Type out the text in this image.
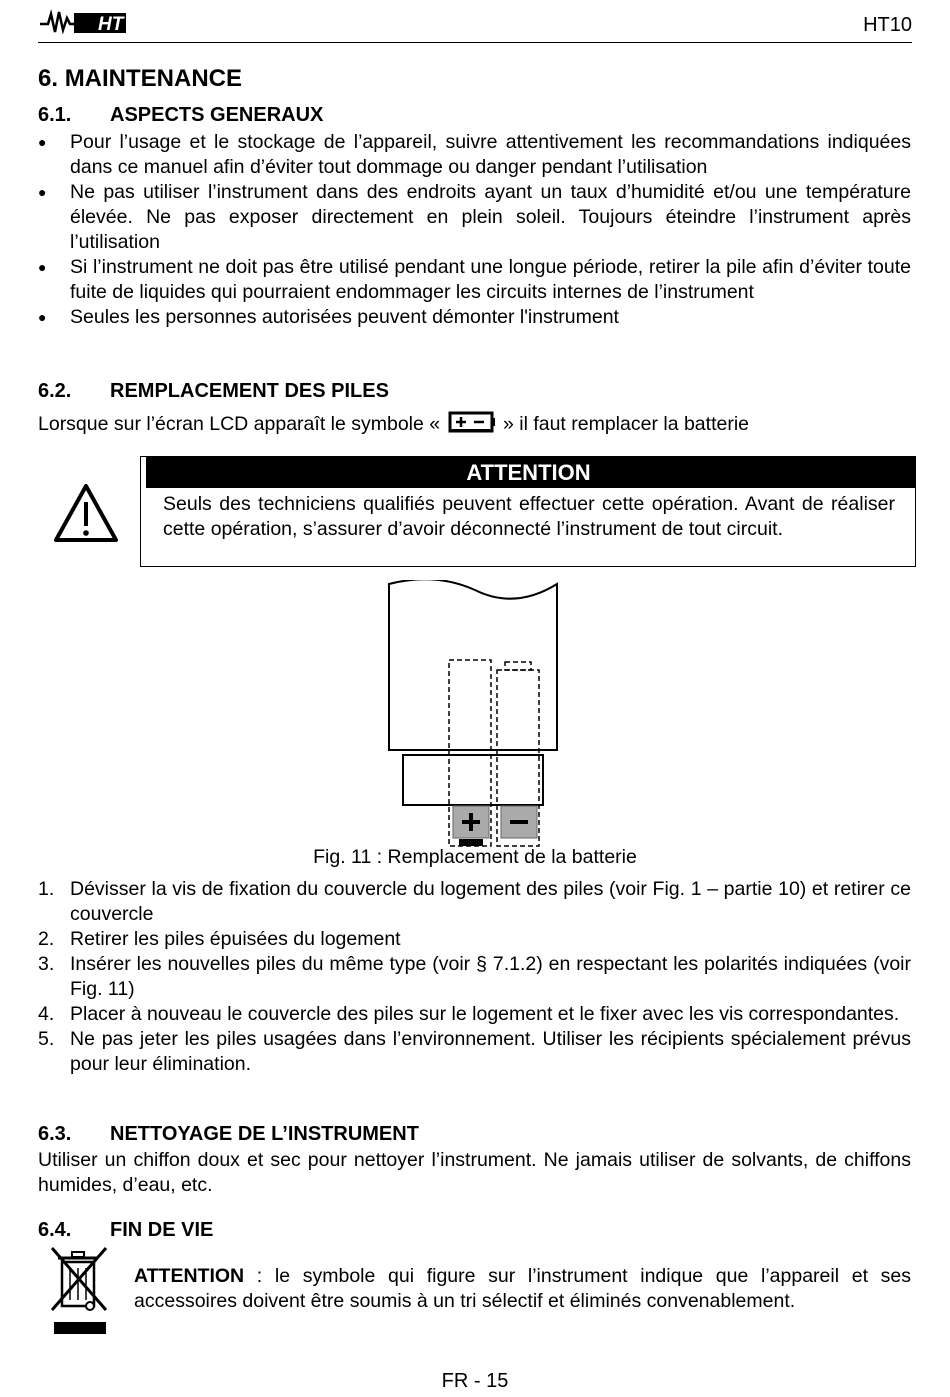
HT	HT10
6. MAINTENANCE
6.1. ASPECTS GENERAUX
● Pour l’usage et le stockage de l’appareil, suivre attentivement les recommandations indiquées dans ce manuel afin d’éviter tout dommage ou danger pendant l’utilisation
● Ne pas utiliser l’instrument dans des endroits ayant un taux d’humidité et/ou une température élevée. Ne pas exposer directement en plein soleil. Toujours éteindre l’instrument après l’utilisation
● Si l’instrument ne doit pas être utilisé pendant une longue période, retirer la pile afin d’éviter toute fuite de liquides qui pourraient endommager les circuits internes de l’instrument
● Seules les personnes autorisées peuvent démonter l'instrument
6.2. REMPLACEMENT DES PILES
Lorsque sur l’écran LCD apparaît le symbole «	» il faut remplacer la batterie
ATTENTION
Seuls des techniciens qualifiés peuvent effectuer cette opération. Avant de réaliser cette opération, s’assurer d’avoir déconnecté l’instrument de tout circuit.
Fig. 11 : Remplacement de la batterie
1. Dévisser la vis de fixation du couvercle du logement des piles (voir Fig. 1 – partie 10) et retirer ce couvercle
2. Retirer les piles épuisées du logement
3. Insérer les nouvelles piles du même type (voir § 7.1.2) en respectant les polarités indiquées (voir Fig. 11)
4. Placer à nouveau le couvercle des piles sur le logement et le fixer avec les vis correspondantes.
5. Ne pas jeter les piles usagées dans l’environnement. Utiliser les récipients spécialement prévus pour leur élimination.
6.3. NETTOYAGE DE L’INSTRUMENT
Utiliser un chiffon doux et sec pour nettoyer l’instrument. Ne jamais utiliser de solvants, de chiffons humides, d’eau, etc.
6.4. FIN DE VIE
ATTENTION : le symbole qui figure sur l’instrument indique que l’appareil et ses accessoires doivent être soumis à un tri sélectif et éliminés convenablement.
FR - 15
